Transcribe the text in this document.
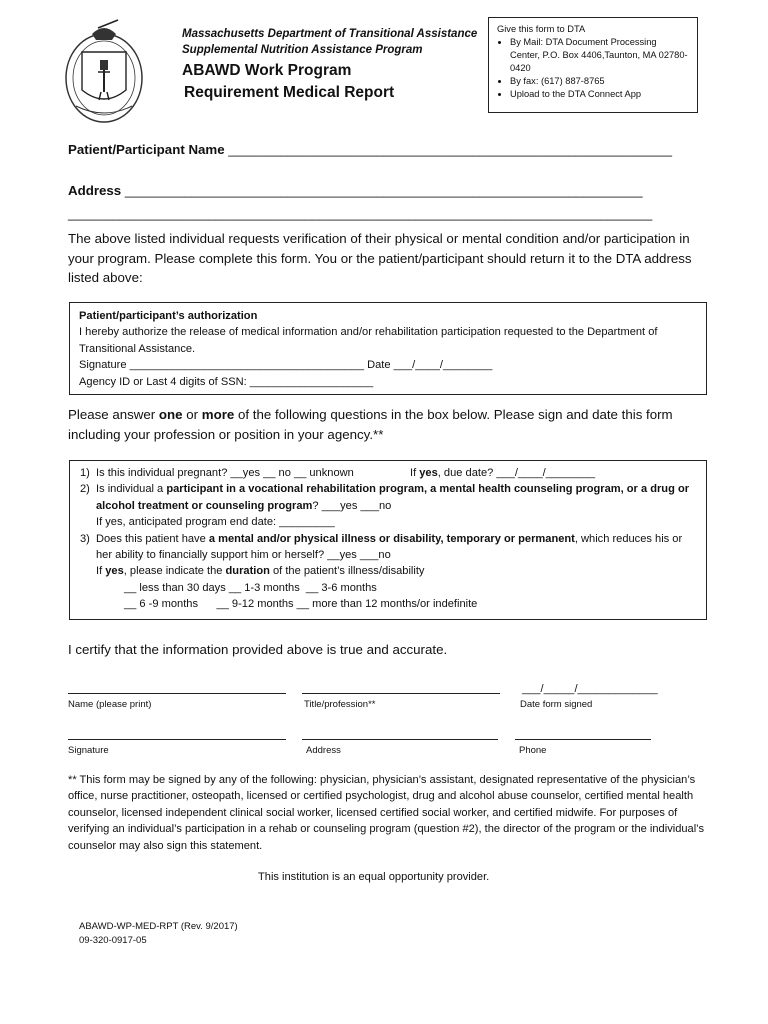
Massachusetts Department of Transitional Assistance
Supplemental Nutrition Assistance Program
ABAWD Work Program
Requirement Medical Report
Give this form to DTA
• By Mail: DTA Document Processing Center, P.O. Box 4406,Taunton, MA 02780-0420
• By fax: (617) 887-8765
• Upload to the DTA Connect App
Patient/Participant Name ____________________________________________________________
Address ______________________________________________________________________
_______________________________________________________________________________
The above listed individual requests verification of their physical or mental condition and/or participation in your program. Please complete this form. You or the patient/participant should return it to the DTA address listed above:
Patient/participant’s authorization
I hereby authorize the release of medical information and/or rehabilitation participation requested to the Department of Transitional Assistance.
Signature ______________________________________ Date ___/____/________
Agency ID or Last 4 digits of SSN: ____________________
Please answer one or more of the following questions in the box below. Please sign and date this form including your profession or position in your agency.**
1) Is this individual pregnant? __yes __ no __ unknown	If yes, due date? ___/____/________
2) Is individual a participant in a vocational rehabilitation program, a mental health counseling program, or a drug or alcohol treatment or counseling program? ___yes ___no
If yes, anticipated program end date: _________
3) Does this patient have a mental and/or physical illness or disability, temporary or permanent, which reduces his or her ability to financially support him or herself? __yes ___no
If yes, please indicate the duration of the patient’s illness/disability
__ less than 30 days __ 1-3 months  __ 3-6 months
__ 6 -9 months      __ 9-12 months __ more than 12 months/or indefinite
I certify that the information provided above is true and accurate.
___/_____/_____________
Name (please print)	Title/profession**	Date form signed
Signature	Address	Phone
** This form may be signed by any of the following: physician, physician’s assistant, designated representative of the physician’s office, nurse practitioner, osteopath, licensed or certified psychologist, drug and alcohol abuse counselor, certified mental health counselor, licensed independent clinical social worker, licensed certified social worker, and certified midwife. For purposes of verifying an individual’s participation in a rehab or counseling program (question #2), the director of the program or the individual’s counselor may also sign this statement.
This institution is an equal opportunity provider.
ABAWD-WP-MED-RPT (Rev. 9/2017)
09-320-0917-05
